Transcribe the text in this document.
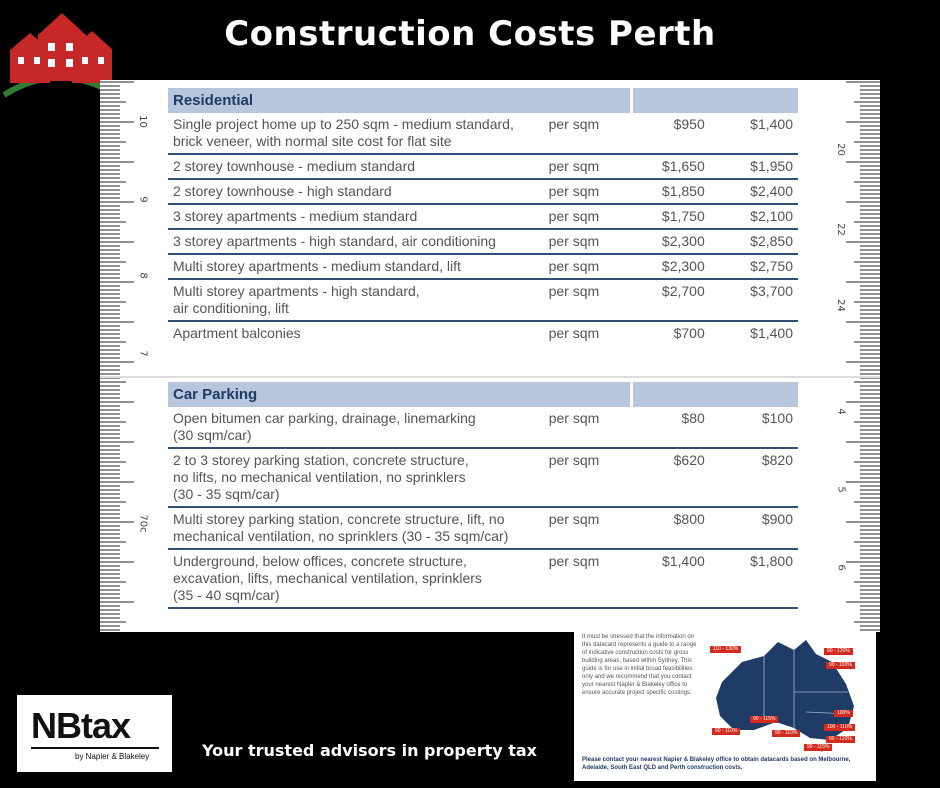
Construction Costs Perth
10
9
8
7
70c
20
22
24
4
5
6
Residential			
Single project home up to 250 sqm - medium standard,
brick veneer, with normal site cost for flat site	per sqm	$950	$1,400
2 storey townhouse - medium standard	per sqm	$1,650	$1,950
2 storey townhouse - high standard	per sqm	$1,850	$2,400
3 storey apartments - medium standard	per sqm	$1,750	$2,100
3 storey apartments - high standard, air conditioning	per sqm	$2,300	$2,850
Multi storey apartments - medium standard, lift	per sqm	$2,300	$2,750
Multi storey apartments - high standard,
air conditioning, lift	per sqm	$2,700	$3,700
Apartment balconies	per sqm	$700	$1,400
Car Parking			
Open bitumen car parking, drainage, linemarking
(30 sqm/car)	per sqm	$80	$100
2 to 3 storey parking station, concrete structure,
no lifts, no mechanical ventilation, no sprinklers
(30 - 35 sqm/car)	per sqm	$620	$820
Multi storey parking station, concrete structure, lift, no
mechanical ventilation, no sprinklers (30 - 35 sqm/car)	per sqm	$800	$900
Underground, below offices, concrete structure,
excavation, lifts, mechanical ventilation, sprinklers
(35 - 40 sqm/car)	per sqm	$1,400	$1,800
NBtax
by Napier & Blakeley	Your trusted advisors in property tax
It must be stressed that the information on this datacard represents a guide to a range of indicative construction costs for gross building areas, based within Sydney. This guide is for use in initial broad feasibilities only and we recommend that you contact your nearest Napier & Blakeley office to ensure accurate project specific costings.
110 - 130%	90 - 120%
90 - 100%
100%
90 - 115%
100 - 110%
90 - 110%	90 - 110%
90 - 120%
90 - 115%
Please contact your nearest Napier & Blakeley office to obtain datacards based on Melbourne, Adelaide, South East QLD and Perth construction costs.
